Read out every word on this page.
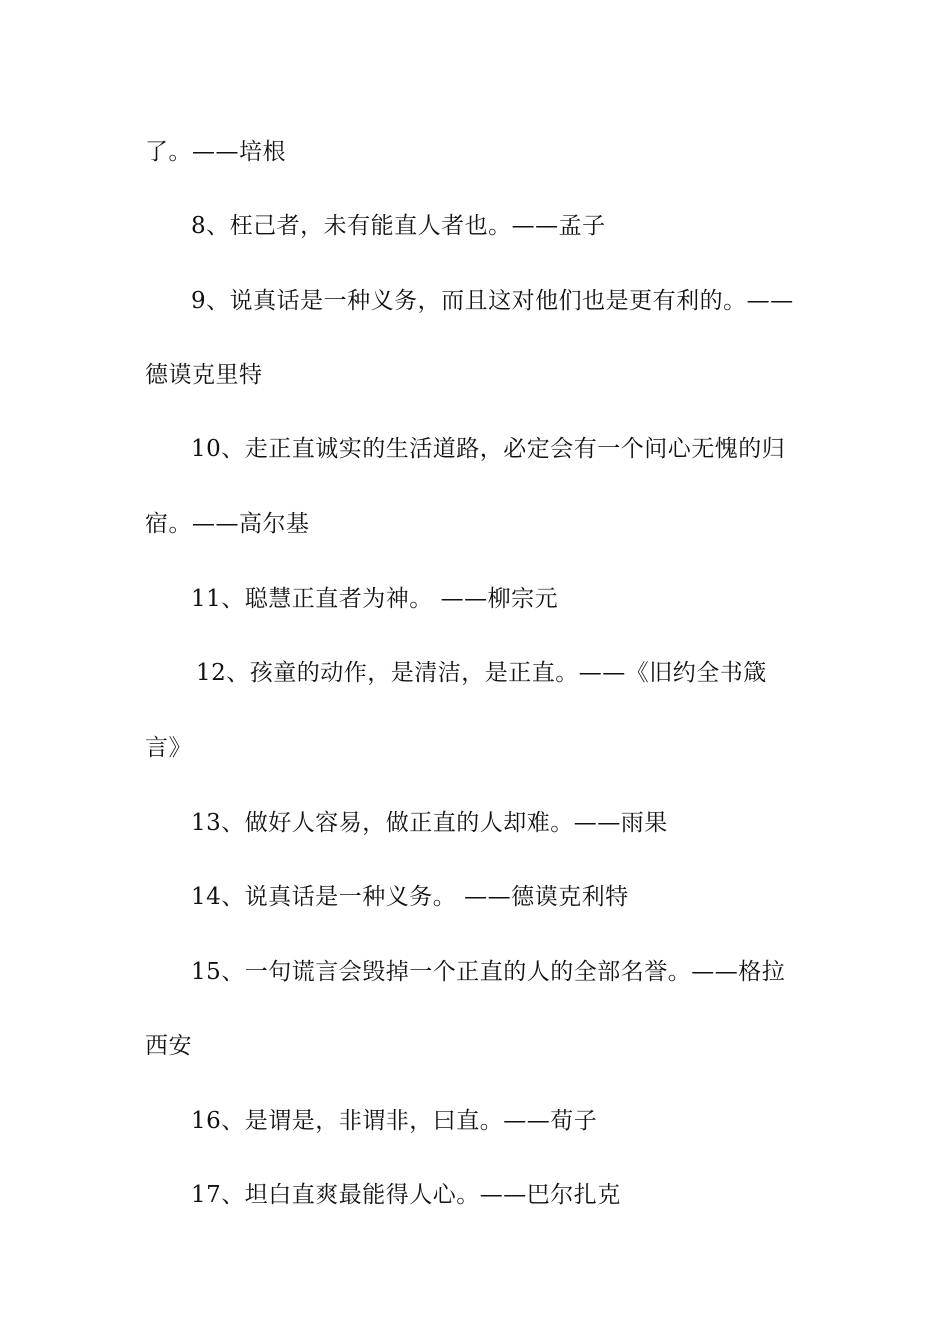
了。——培根
8、枉己者，未有能直人者也。——孟子
9、说真话是一种义务，而且这对他们也是更有利的。——
德谟克里特
10、走正直诚实的生活道路，必定会有一个问心无愧的归
宿。——高尔基
11、聪慧正直者为神。 ——柳宗元
12、孩童的动作，是清洁，是正直。——《旧约全书箴
言》
13、做好人容易，做正直的人却难。——雨果
14、说真话是一种义务。 ——德谟克利特
15、一句谎言会毁掉一个正直的人的全部名誉。——格拉
西安
16、是谓是，非谓非，曰直。——荀子
17、坦白直爽最能得人心。——巴尔扎克
